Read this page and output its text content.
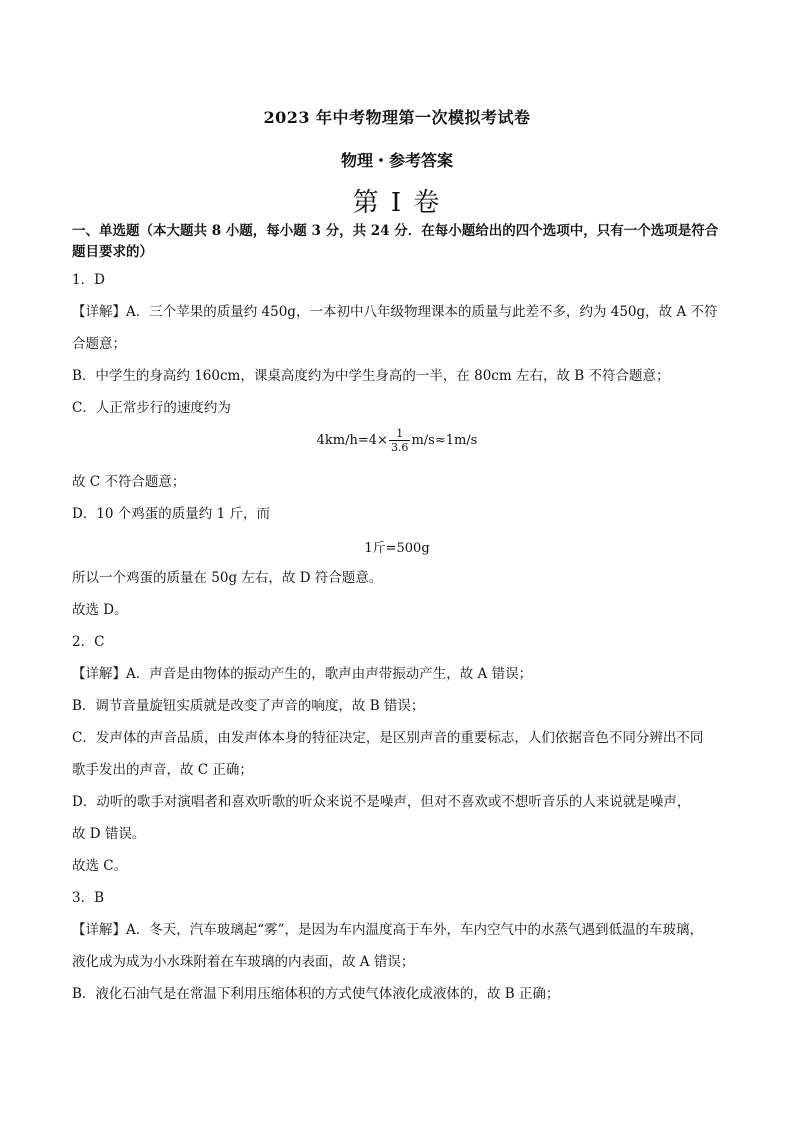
2023 年中考物理第一次模拟考试卷
物理・参考答案
第 I 卷
一、单选题（本大题共 8 小题，每小题 3 分，共 24 分．在每小题给出的四个选项中，只有一个选项是符合题目要求的）
1．D
【详解】A．三个苹果的质量约 450g，一本初中八年级物理课本的质量与此差不多，约为 450g，故 A 不符
合题意；
B．中学生的身高约 160cm，课桌高度约为中学生身高的一半，在 80cm 左右，故 B 不符合题意；
C．人正常步行的速度约为
$4km/h=4\times \frac{1}{3.6} m/s\approx 1m/s$
故 C 不符合题意；
D．10 个鸡蛋的质量约 1 斤，而
1斤=500g
所以一个鸡蛋的质量在 50g 左右，故 D 符合题意。
故选 D。
2．C
【详解】A．声音是由物体的振动产生的，歌声由声带振动产生，故 A 错误；
B．调节音量旋钮实质就是改变了声音的响度，故 B 错误；
C．发声体的声音品质，由发声体本身的特征决定，是区别声音的重要标志，人们依据音色不同分辨出不同
歌手发出的声音，故 C 正确；
D．动听的歌手对演唱者和喜欢听歌的听众来说不是噪声，但对不喜欢或不想听音乐的人来说就是噪声，
故 D 错误。
故选 C。
3．B
【详解】A．冬天，汽车玻璃起“雾”，是因为车内温度高于车外，车内空气中的水蒸气遇到低温的车玻璃，
液化成为成为小水珠附着在车玻璃的内表面，故 A 错误；
B．液化石油气是在常温下利用压缩体积的方式使气体液化成液体的，故 B 正确；
